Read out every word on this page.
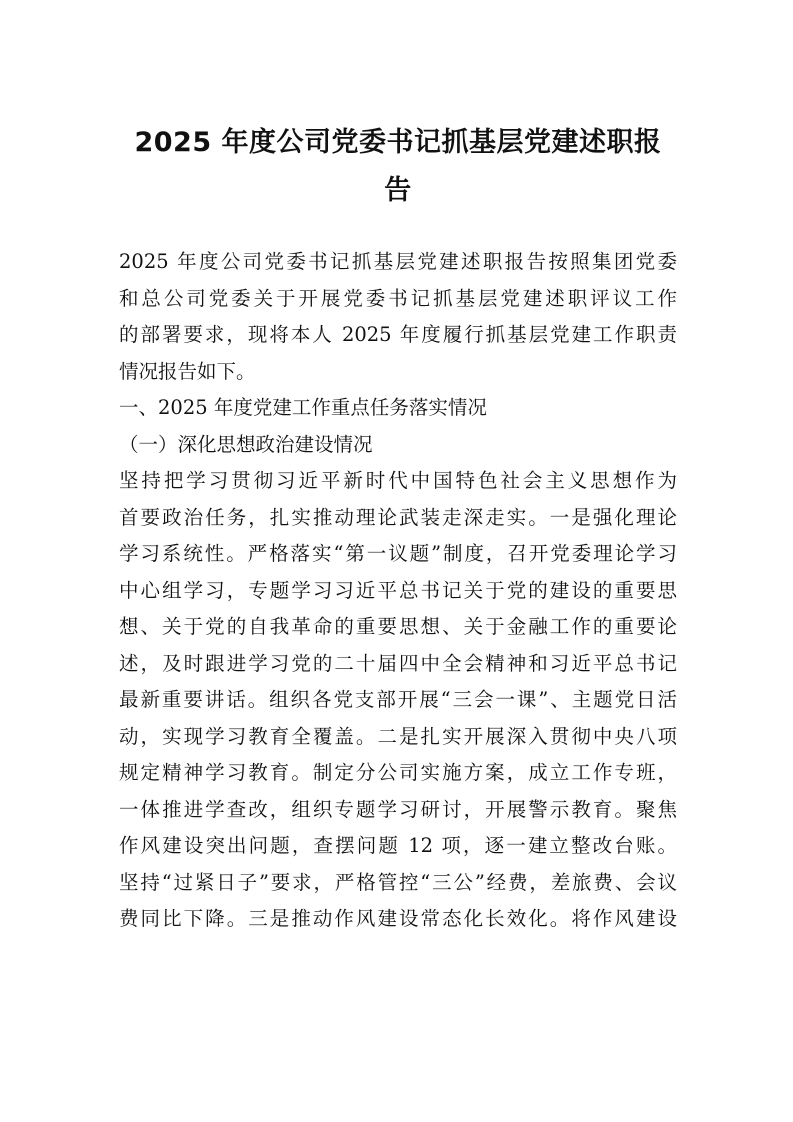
2025 年度公司党委书记抓基层党建述职报
告
2025 年度公司党委书记抓基层党建述职报告按照集团党委
和总公司党委关于开展党委书记抓基层党建述职评议工作
的部署要求，现将本人 2025 年度履行抓基层党建工作职责
情况报告如下。
一、2025 年度党建工作重点任务落实情况
（一）深化思想政治建设情况
坚持把学习贯彻习近平新时代中国特色社会主义思想作为
首要政治任务，扎实推动理论武装走深走实。一是强化理论
学习系统性。严格落实“第一议题”制度，召开党委理论学习
中心组学习，专题学习习近平总书记关于党的建设的重要思
想、关于党的自我革命的重要思想、关于金融工作的重要论
述，及时跟进学习党的二十届四中全会精神和习近平总书记
最新重要讲话。组织各党支部开展“三会一课”、主题党日活
动，实现学习教育全覆盖。二是扎实开展深入贯彻中央八项
规定精神学习教育。制定分公司实施方案，成立工作专班，
一体推进学查改，组织专题学习研讨，开展警示教育。聚焦
作风建设突出问题，查摆问题 12 项，逐一建立整改台账。
坚持“过紧日子”要求，严格管控“三公”经费，差旅费、会议
费同比下降。三是推动作风建设常态化长效化。将作风建设
